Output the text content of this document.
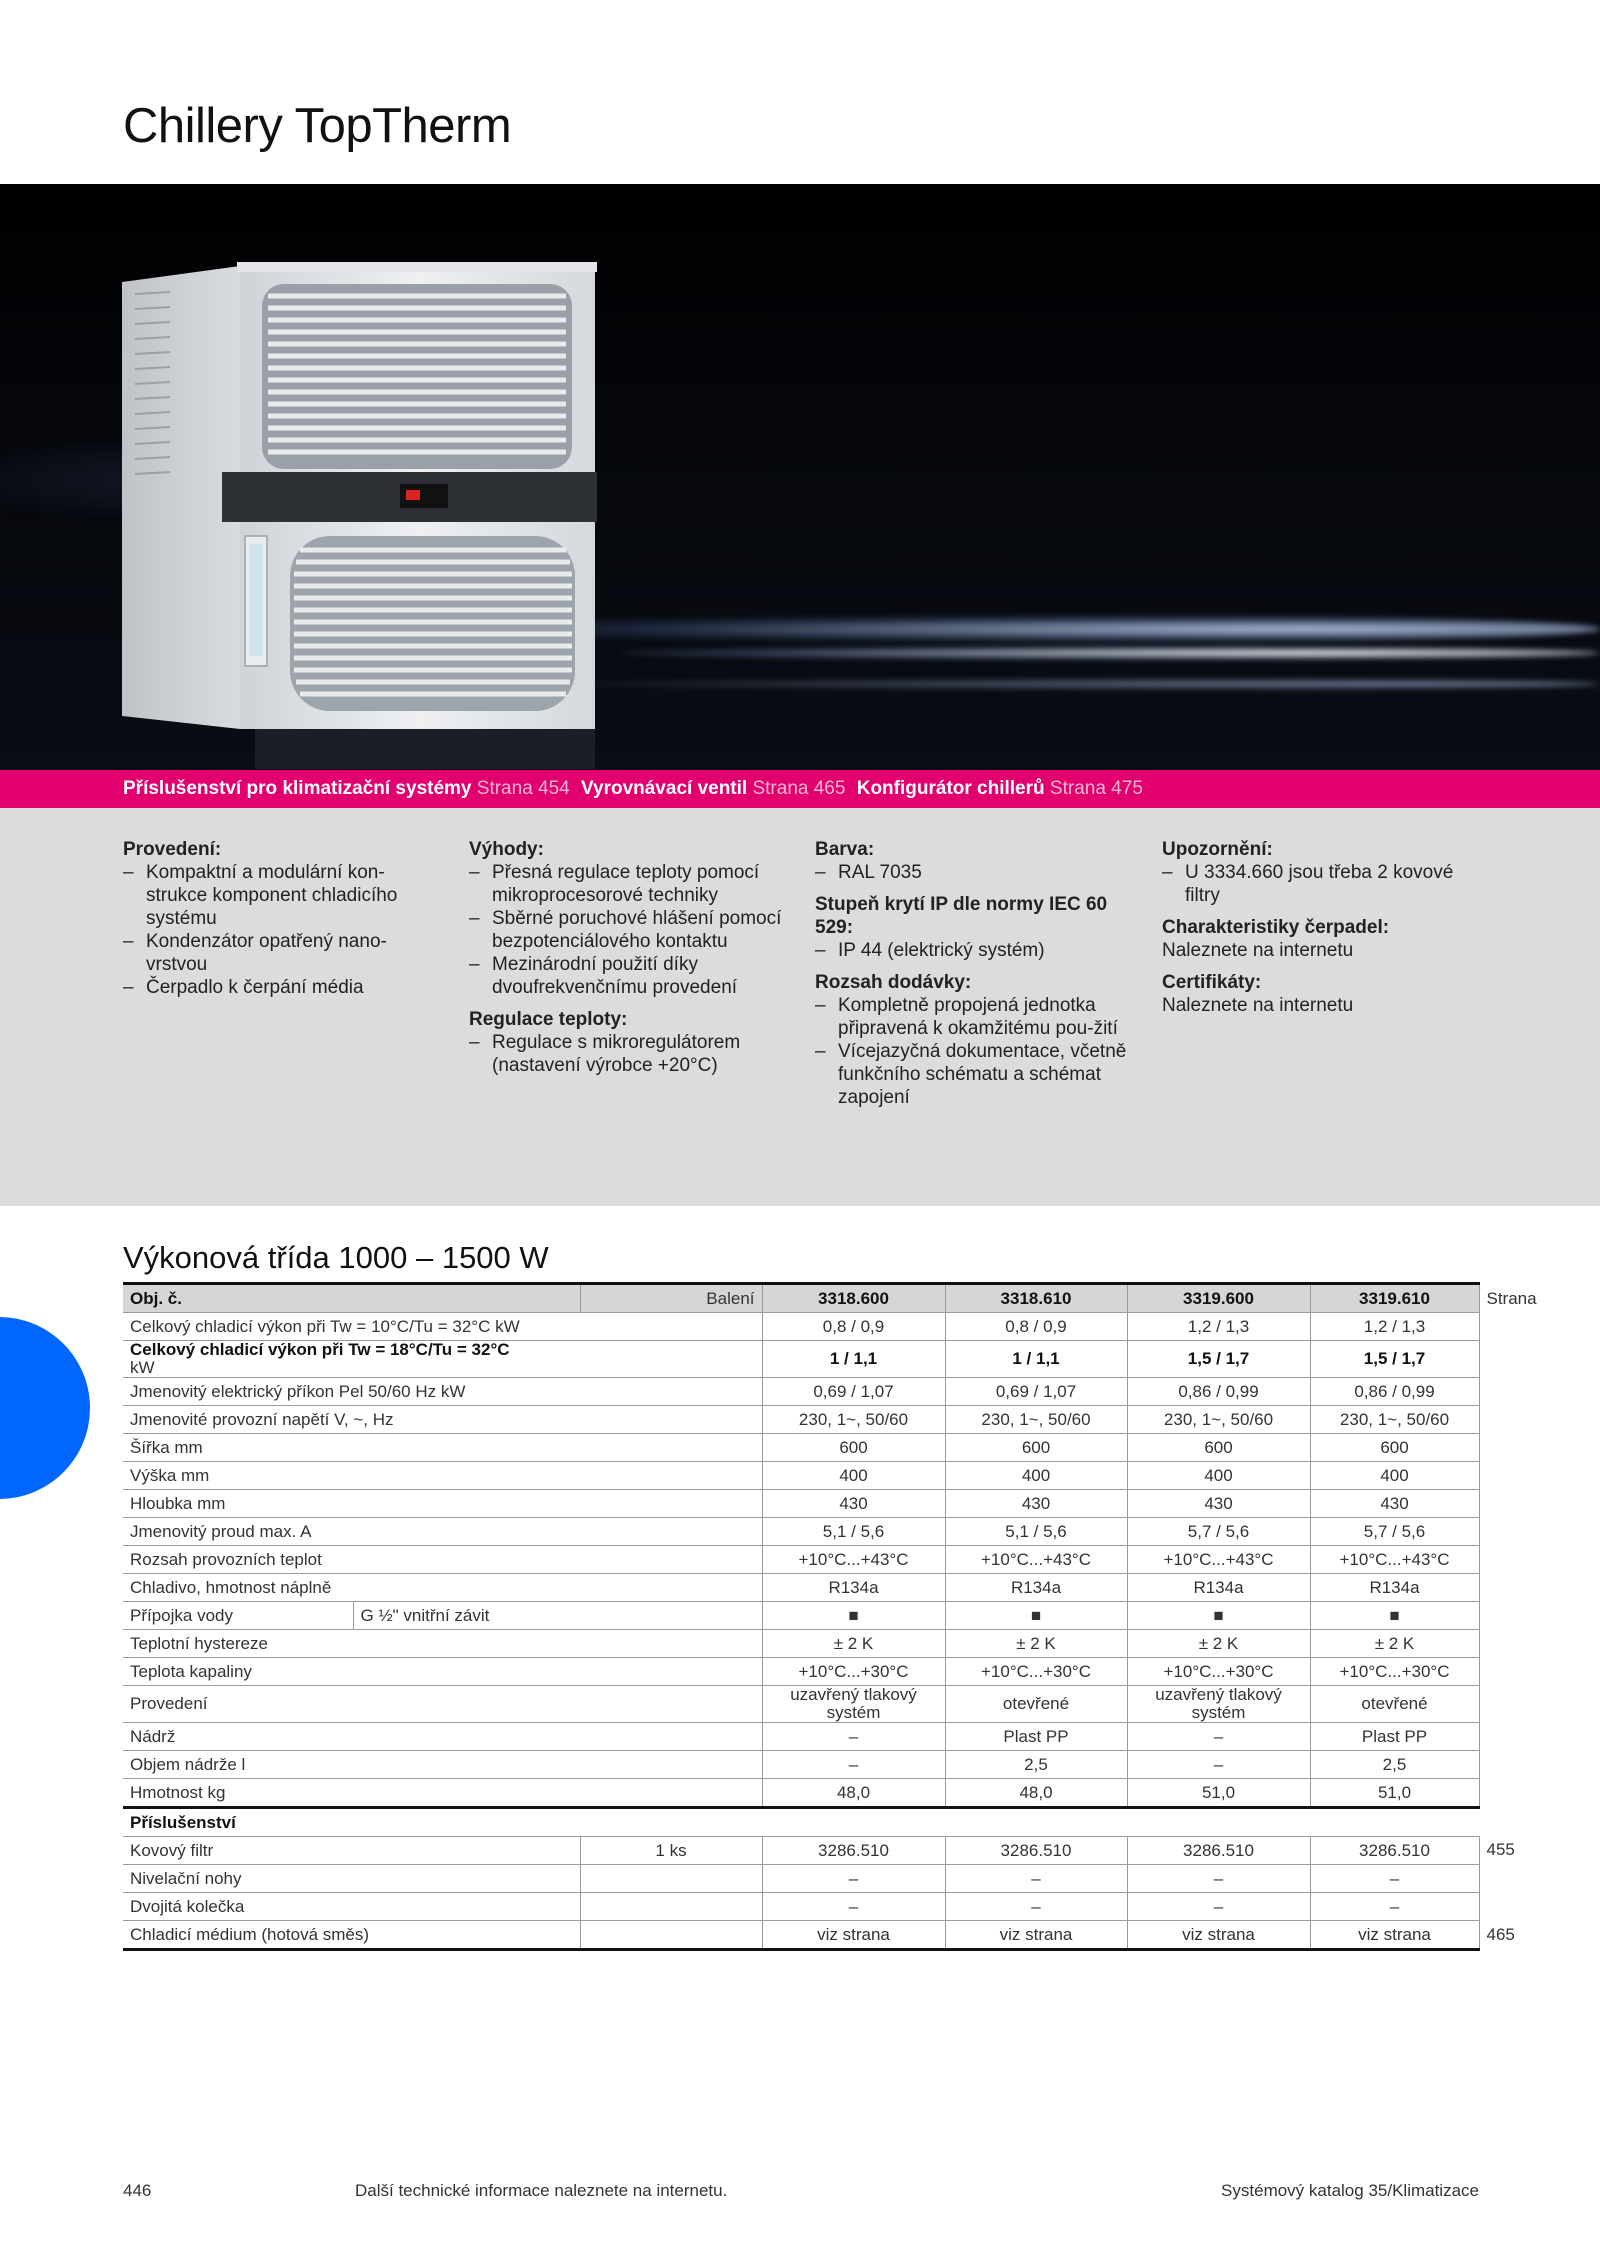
Chillery TopTherm
Příslušenství pro klimatizační systémy Strana 454 Vyrovnávací ventil Strana 465 Konfigurátor chillerů Strana 475
Provedení:
– Kompaktní a modulární kon-strukce komponent chladicího systému
– Kondenzátor opatřený nano-vrstvou
– Čerpadlo k čerpání média
Výhody:
– Přesná regulace teploty pomocí mikroprocesorové techniky
– Sběrné poruchové hlášení pomocí bezpotenciálového kontaktu
– Mezinárodní použití díky dvoufrekvenčnímu provedení
Regulace teploty:
– Regulace s mikroregulátorem (nastavení výrobce +20°C)
Barva:
– RAL 7035
Stupeň krytí IP dle normy IEC 60 529:
– IP 44 (elektrický systém)
Rozsah dodávky:
– Kompletně propojená jednotka připravená k okamžitému pou-žití
– Vícejazyčná dokumentace, včetně funkčního schématu a schémat zapojení
Upozornění:
– U 3334.660 jsou třeba 2 kovové filtry
Charakteristiky čerpadel:

Naleznete na internetu

Certifikáty:

Naleznete na internetu

Výkonová třída 1000 – 1500 W
Obj. č.		Balení	3318.600	3318.610	3319.600	3319.610	Strana
Celkový chladicí výkon při Tw = 10°C/Tu = 32°C kW			0,8 / 0,9	0,8 / 0,9	1,2 / 1,3	1,2 / 1,3	

Celkový chladicí výkon při Tw = 18°C/Tu = 32°C
kW			1 / 1,1	1 / 1,1	1,5 / 1,7	1,5 / 1,7	
Jmenovitý elektrický příkon Pel 50/60 Hz kW			0,69 / 1,07	0,69 / 1,07	0,86 / 0,99	0,86 / 0,99	
Jmenovité provozní napětí V, ~, Hz			230, 1~, 50/60	230, 1~, 50/60	230, 1~, 50/60	230, 1~, 50/60	
Šířka mm			600	600	600	600	
Výška mm			400	400	400	400	
Hloubka mm			430	430	430	430	
Jmenovitý proud max. A			5,1 / 5,6	5,1 / 5,6	5,7 / 5,6	5,7 / 5,6	
Rozsah provozních teplot			+10°C...+43°C	+10°C...+43°C	+10°C...+43°C	+10°C...+43°C	
Chladivo, hmotnost náplně			R134a	R134a	R134a	R134a	
Přípojka vody	G ½" vnitřní závit		■	■	■	■	
Teplotní hystereze			± 2 K	± 2 K	± 2 K	± 2 K	
Teplota kapaliny			+10°C...+30°C	+10°C...+30°C	+10°C...+30°C	+10°C...+30°C	
Provedení			uzavřený tlakový systém	otevřené	uzavřený tlakový systém	otevřené	
Nádrž			–	Plast PP	–	Plast PP	
Objem nádrže l			–	2,5	–	2,5	
Hmotnost kg			48,0	48,0	51,0	51,0	
Příslušenství							
Kovový filtr		1 ks	3286.510	3286.510	3286.510	3286.510	455
Nivelační nohy			–	–	–	–	
Dvojitá kolečka			–	–	–	–	
Chladicí médium (hotová směs)			viz strana	viz strana	viz strana	viz strana	465
446	Další technické informace naleznete na internetu.	Systémový katalog 35/Klimatizace
